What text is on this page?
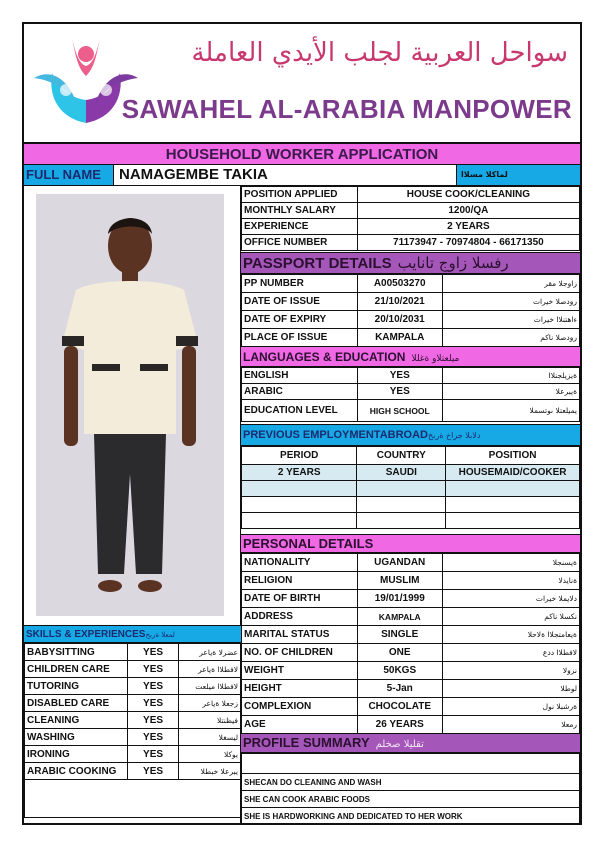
سواحل العربية لجلب الأيدي العاملة
SAWAHEL AL-ARABIA MANPOWER
HOUSEHOLD WORKER APPLICATION
FULL NAME	NAMAGEMBE TAKIA	لماكلا مسلاا
POSITION APPLIED	HOUSE COOK/CLEANING
MONTHLY SALARY	1200/QA
EXPERIENCE	2 YEARS
OFFICE NUMBER	71173947 - 70974804 - 66171350
PASSPORT DETAILS رفسلا زاوج تانايب
PP NUMBER	A00503270	زاوجلا مقر
DATE OF ISSUE	21/10/2021	رودصلا خيرات
DATE OF EXPIRY	20/10/2031	ءاهتنلاا خيرات
PLACE OF ISSUE	KAMPALA	رودصلا ناكم
LANGUAGES & EDUCATION ميلعتلاو ةغللا
ENGLISH	YES	ةيزيلجنلاا
ARABIC	YES	ةيبرعلا
EDUCATION LEVEL	HIGH SCHOOL	يميلعتلا ىوتسملا
PREVIOUS EMPLOYMENTABROADدلابلا جراخ ةربخ
PERIOD	COUNTRY	POSITION
2 YEARS	SAUDI	HOUSEMAID/COOKER

PERSONAL DETAILS
NATIONALITY	UGANDAN	ةيسنجلا
RELIGION	MUSLIM	ةنايدلا
DATE OF BIRTH	19/01/1999	دلايملا خيرات
ADDRESS	KAMPALA	نكسلا ناكم
MARITAL STATUS	SINGLE	ةيعامتجلاا ةلاحلا
NO. OF CHILDREN	ONE	لافطلاا ددع
WEIGHT	50KGS	نزولا
HEIGHT	5-Jan	لوطلا
COMPLEXION	CHOCOLATE	ةرشبلا نول
AGE	26 YEARS	رمعلا
PROFILE SUMMARY تقليلا صخلم

SHECAN DO CLEANING AND WASH
SHE CAN COOK ARABIC FOODS
SHE IS HARDWORKING AND DEDICATED TO HER WORK
SKILLS & EXPERIENCESلمعلا ةربخ
BABYSITTING	YES	عضرلا ةياعر
CHILDREN CARE	YES	لافطلاا ةياعر
TUTORING	YES	لافطلاا ميلعت
DISABLED CARE	YES	زجعلا ةياعر
CLEANING	YES	فيظنتلا
WASHING	YES	ليسغلا
IRONING	YES	يوكلا
ARABIC COOKING	YES	يبرعلا خبطلا
